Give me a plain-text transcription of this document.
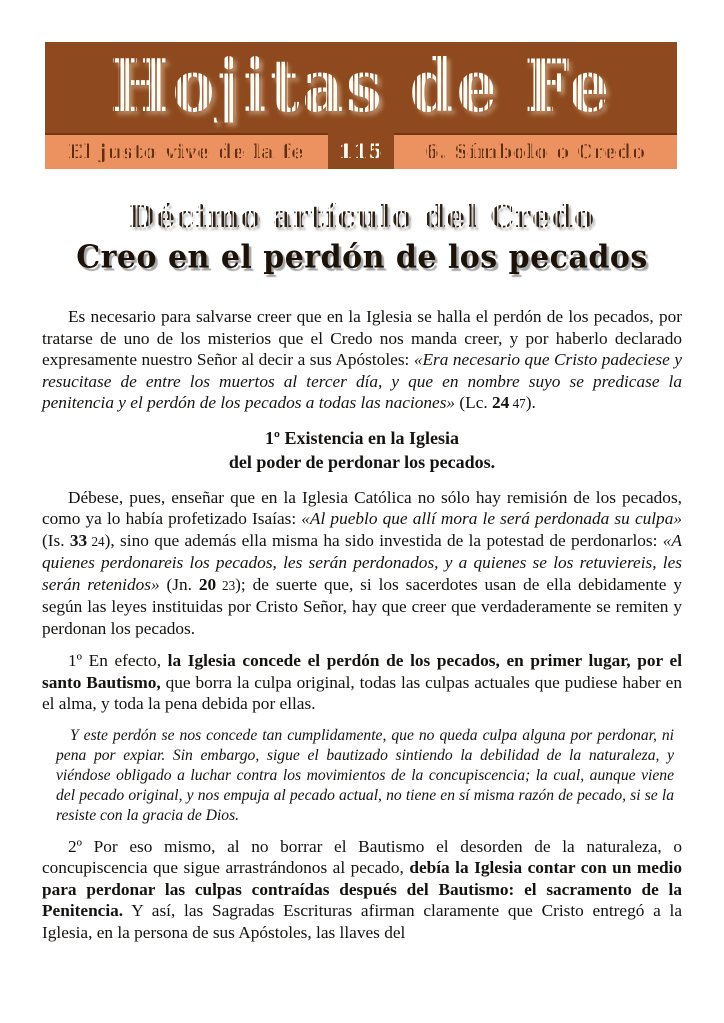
Hojitas de Fe
El justo vive de la fe 115 6. Símbolo o Credo
Décimo artículo del Credo
Creo en el perdón de los pecados

Es necesario para salvarse creer que en la Iglesia se halla el perdón de los pecados, por tratarse de uno de los misterios que el Credo nos manda creer, y por haberlo declarado expresamente nuestro Señor al decir a sus Apóstoles: «Era necesario que Cristo padeciese y resucitase de entre los muertos al tercer día, y que en nombre suyo se predicase la penitencia y el perdón de los pecados a todas las naciones» (Lc. 24 47).

1º Existencia en la Iglesia
del poder de perdonar los pecados.

Débese, pues, enseñar que en la Iglesia Católica no sólo hay remisión de los pecados, como ya lo había profetizado Isaías: «Al pueblo que allí mora le será perdonada su culpa» (Is. 33 24), sino que además ella misma ha sido investida de la potestad de perdonarlos: «A quienes perdonareis los pecados, les serán perdonados, y a quienes se los retuviereis, les serán retenidos» (Jn. 20 23); de suerte que, si los sacerdotes usan de ella debidamente y según las leyes instituidas por Cristo Señor, hay que creer que verdaderamente se remiten y perdonan los pecados.

1º En efecto, la Iglesia concede el perdón de los pecados, en primer lugar, por el santo Bautismo, que borra la culpa original, todas las culpas actuales que pudiese haber en el alma, y toda la pena debida por ellas.

Y este perdón se nos concede tan cumplidamente, que no queda culpa alguna por perdonar, ni pena por expiar. Sin embargo, sigue el bautizado sintiendo la debilidad de la naturaleza, y viéndose obligado a luchar contra los movimientos de la concupiscencia; la cual, aunque viene del pecado original, y nos empuja al pecado actual, no tiene en sí misma razón de pecado, si se la resiste con la gracia de Dios.

2º Por eso mismo, al no borrar el Bautismo el desorden de la naturaleza, o concupiscencia que sigue arrastrándonos al pecado, debía la Iglesia contar con un medio para perdonar las culpas contraídas después del Bautismo: el sacramento de la Penitencia. Y así, las Sagradas Escrituras afirman claramente que Cristo entregó a la Iglesia, en la persona de sus Apóstoles, las llaves del
